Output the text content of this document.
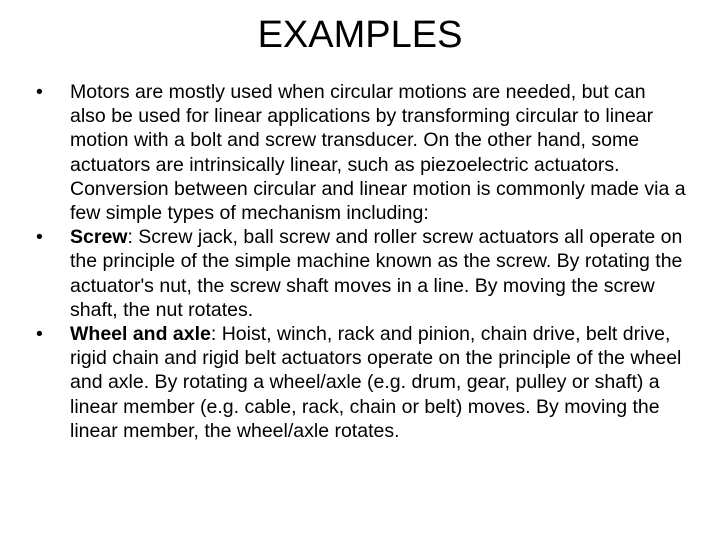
EXAMPLES
•	Motors are mostly used when circular motions are needed, but can also be used for linear applications by transforming circular to linear motion with a bolt and screw transducer. On the other hand, some actuators are intrinsically linear, such as piezoelectric actuators. Conversion between circular and linear motion is commonly made via a few simple types of mechanism including:
•	Screw: Screw jack, ball screw and roller screw actuators all operate on the principle of the simple machine known as the screw. By rotating the actuator's nut, the screw shaft moves in a line. By moving the screw shaft, the nut rotates.
•	Wheel and axle: Hoist, winch, rack and pinion, chain drive, belt drive, rigid chain and rigid belt actuators operate on the principle of the wheel and axle. By rotating a wheel/axle (e.g. drum, gear, pulley or shaft) a linear member (e.g. cable, rack, chain or belt) moves. By moving the linear member, the wheel/axle rotates.
